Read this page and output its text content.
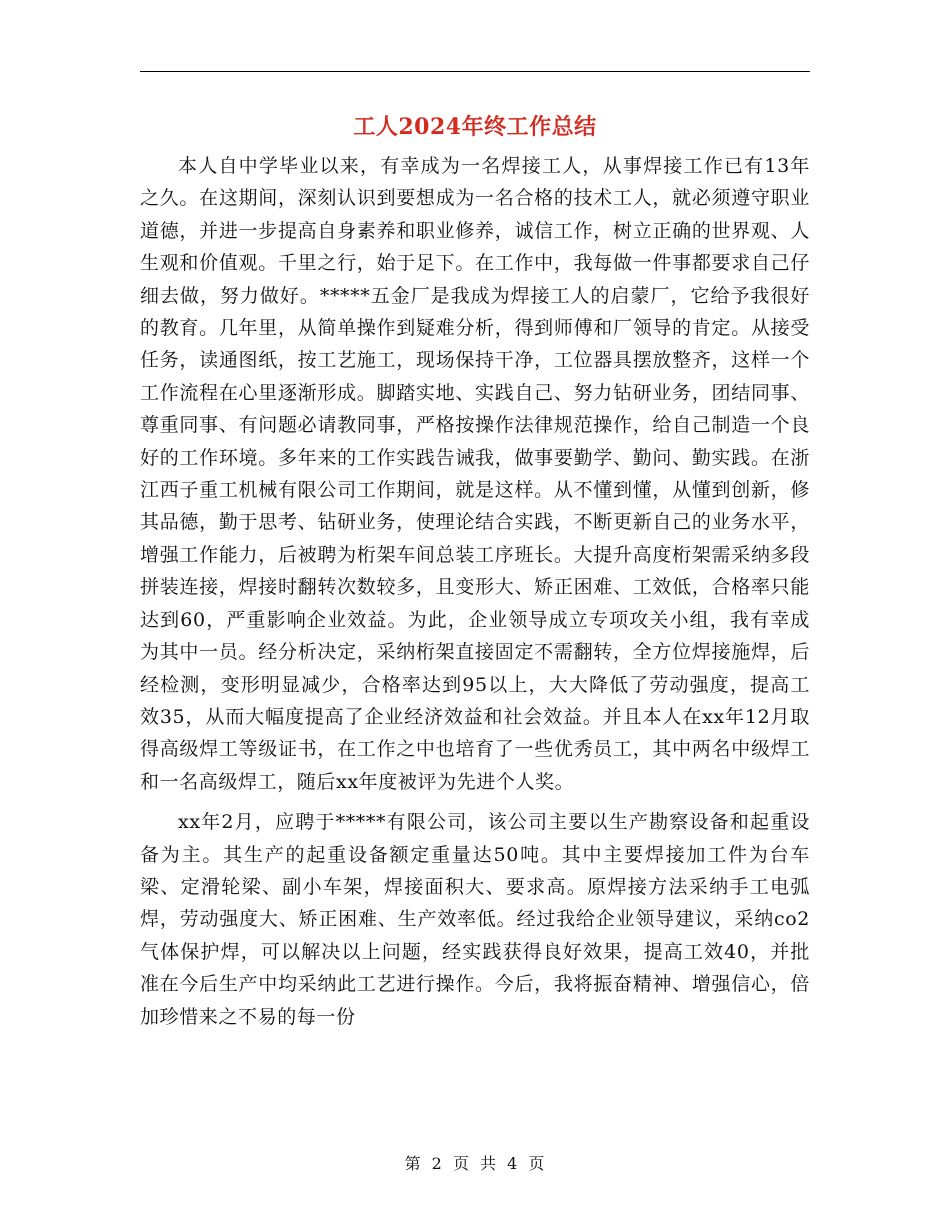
工人2024年终工作总结

本人自中学毕业以来，有幸成为一名焊接工人，从事焊接工作已有13年之久。在这期间，深刻认识到要想成为一名合格的技术工人，就必须遵守职业道德，并进一步提高自身素养和职业修养，诚信工作，树立正确的世界观、人生观和价值观。千里之行，始于足下。在工作中，我每做一件事都要求自己仔细去做，努力做好。*****五金厂是我成为焊接工人的启蒙厂，它给予我很好的教育。几年里，从简单操作到疑难分析，得到师傅和厂领导的肯定。从接受任务，读通图纸，按工艺施工，现场保持干净，工位器具摆放整齐，这样一个工作流程在心里逐渐形成。脚踏实地、实践自己、努力钻研业务，团结同事、尊重同事、有问题必请教同事，严格按操作法律规范操作，给自己制造一个良好的工作环境。多年来的工作实践告诫我，做事要勤学、勤问、勤实践。在浙江西子重工机械有限公司工作期间，就是这样。从不懂到懂，从懂到创新，修其品德，勤于思考、钻研业务，使理论结合实践，不断更新自己的业务水平，增强工作能力，后被聘为桁架车间总装工序班长。大提升高度桁架需采纳多段拼装连接，焊接时翻转次数较多，且变形大、矫正困难、工效低，合格率只能达到60，严重影响企业效益。为此，企业领导成立专项攻关小组，我有幸成为其中一员。经分析决定，采纳桁架直接固定不需翻转，全方位焊接施焊，后经检测，变形明显减少，合格率达到95以上，大大降低了劳动强度，提高工效35，从而大幅度提高了企业经济效益和社会效益。并且本人在xx年12月取得高级焊工等级证书，在工作之中也培育了一些优秀员工，其中两名中级焊工和一名高级焊工，随后xx年度被评为先进个人奖。

xx年2月，应聘于*****有限公司，该公司主要以生产勘察设备和起重设备为主。其生产的起重设备额定重量达50吨。其中主要焊接加工件为台车梁、定滑轮梁、副小车架，焊接面积大、要求高。原焊接方法采纳手工电弧焊，劳动强度大、矫正困难、生产效率低。经过我给企业领导建议，采纳co2气体保护焊，可以解决以上问题，经实践获得良好效果，提高工效40，并批准在今后生产中均采纳此工艺进行操作。今后，我将振奋精神、增强信心，倍加珍惜来之不易的每一份

第 2 页 共 4 页
